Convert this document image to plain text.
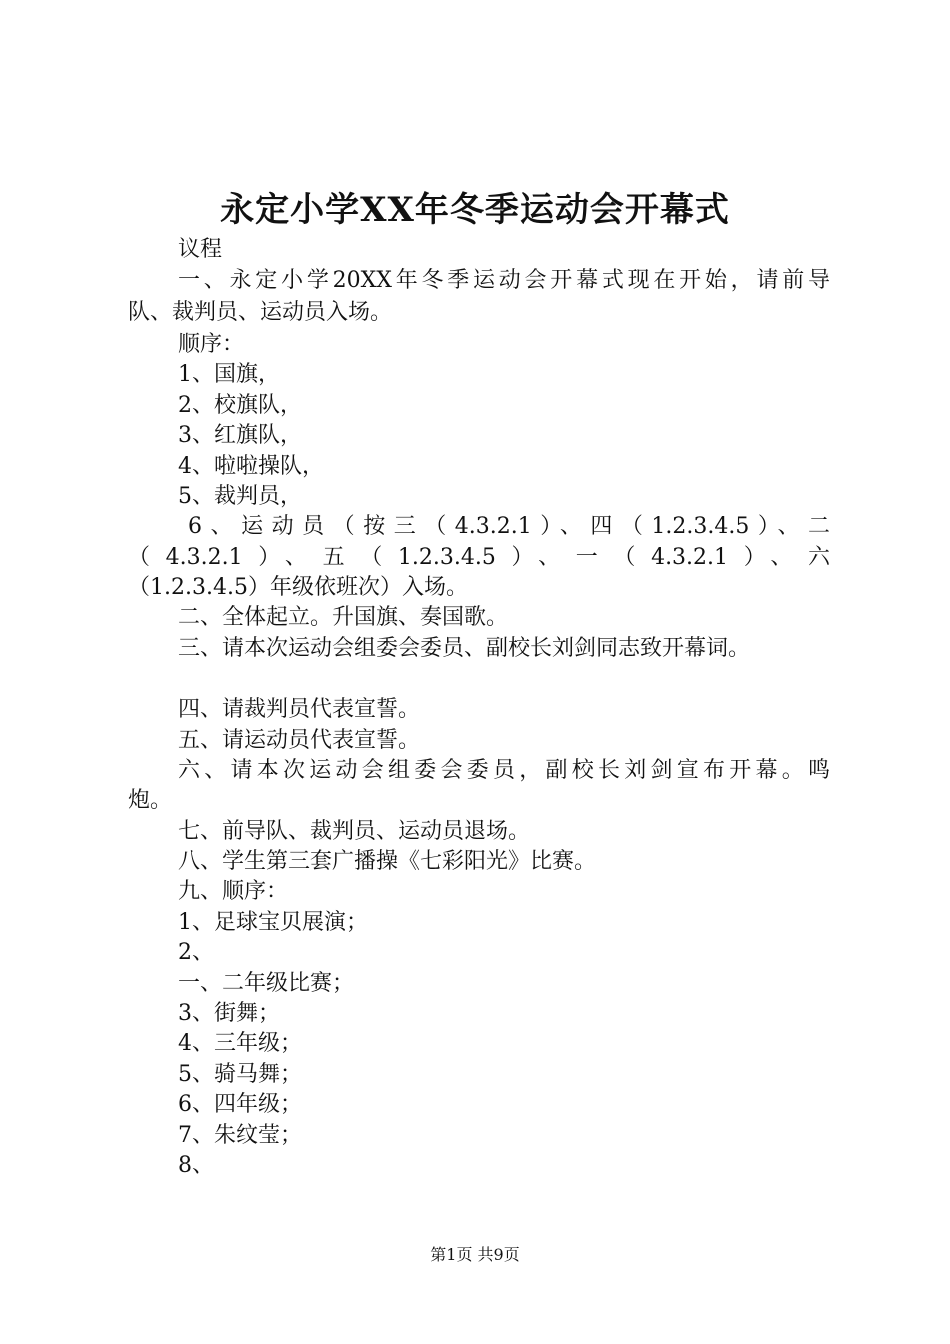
永定小学XX年冬季运动会开幕式
议程
一、永定小学20XX年冬季运动会开幕式现在开始，请前导
队、裁判员、运动员入场。
顺序：
1、国旗，
2、校旗队，
3、红旗队，
4、啦啦操队，
5、裁判员，
6、运动员（按三（4.3.2.1）、四（1.2.3.4.5）、二
（4.3.2.1）、五（1.2.3.4.5）、一（4.3.2.1）、六
（1.2.3.4.5）年级依班次）入场。
二、全体起立。升国旗、奏国歌。
三、请本次运动会组委会委员、副校长刘剑同志致开幕词。
四、请裁判员代表宣誓。
五、请运动员代表宣誓。
六、请本次运动会组委会委员，副校长刘剑宣布开幕。鸣
炮。
七、前导队、裁判员、运动员退场。
八、学生第三套广播操《七彩阳光》比赛。
九、顺序：
1、足球宝贝展演；
2、
一、二年级比赛；
3、街舞；
4、三年级；
5、骑马舞；
6、四年级；
7、朱纹莹；
8、
第1页 共9页
